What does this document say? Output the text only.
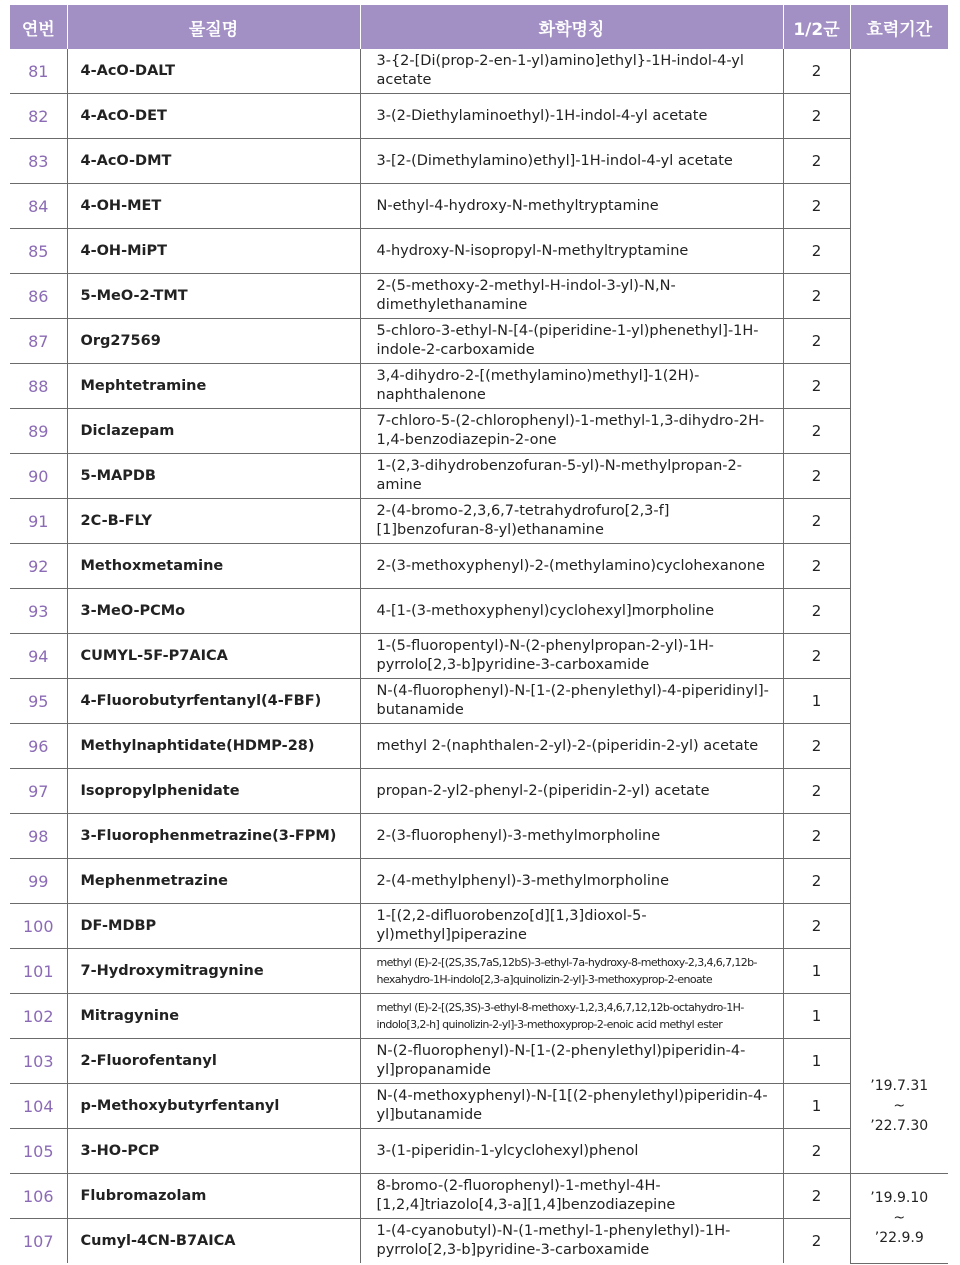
연번	물질명	화학명칭	1/2군	효력기간
81	4-AcO-DALT	3-{2-[Di(prop-2-en-1-yl)amino]ethyl}-1H-indol-4-yl acetate	2	
82	4-AcO-DET	3-(2-Diethylaminoethyl)-1H-indol-4-yl acetate	2	
83	4-AcO-DMT	3-[2-(Dimethylamino)ethyl]-1H-indol-4-yl acetate	2	
84	4-OH-MET	N-ethyl-4-hydroxy-N-methyltryptamine	2	
85	4-OH-MiPT	4-hydroxy-N-isopropyl-N-methyltryptamine	2	
86	5-MeO-2-TMT	2-(5-methoxy-2-methyl-H-indol-3-yl)-N,N-dimethylethanamine	2	
87	Org27569	5-chloro-3-ethyl-N-[4-(piperidine-1-yl)phenethyl]-1H-indole-2-carboxamide	2	
88	Mephtetramine	3,4-dihydro-2-[(methylamino)methyl]-1(2H)-naphthalenone	2	
89	Diclazepam	7-chloro-5-(2-chlorophenyl)-1-methyl-1,3-dihydro-2H-1,4-benzodiazepin-2-one	2	
90	5-MAPDB	1-(2,3-dihydrobenzofuran-5-yl)-N-methylpropan-2-amine	2	
91	2C-B-FLY	2-(4-bromo-2,3,6,7-tetrahydrofuro[2,3-f][1]benzofuran-8-yl)ethanamine	2	
92	Methoxmetamine	2-(3-methoxyphenyl)-2-(methylamino)cyclohexanone	2	
93	3-MeO-PCMo	4-[1-(3-methoxyphenyl)cyclohexyl]morpholine	2	
94	CUMYL-5F-P7AICA	1-(5-fluoropentyl)-N-(2-phenylpropan-2-yl)-1H-pyrrolo[2,3-b]pyridine-3-carboxamide	2	
95	4-Fluorobutyrfentanyl(4-FBF)	N-(4-fluorophenyl)-N-[1-(2-phenylethyl)-4-piperidinyl]-butanamide	1	
96	Methylnaphtidate(HDMP-28)	methyl 2-(naphthalen-2-yl)-2-(piperidin-2-yl) acetate	2	
97	Isopropylphenidate	propan-2-yl2-phenyl-2-(piperidin-2-yl) acetate	2	
98	3-Fluorophenmetrazine(3-FPM)	2-(3-fluorophenyl)-3-methylmorpholine	2	
99	Mephenmetrazine	2-(4-methylphenyl)-3-methylmorpholine	2	
100	DF-MDBP	1-[(2,2-difluorobenzo[d][1,3]dioxol-5-yl)methyl]piperazine	2	
101	7-Hydroxymitragynine	methyl (E)-2-[(2S,3S,7aS,12bS)-3-ethyl-7a-hydroxy-8-methoxy-2,3,4,6,7,12b-hexahydro-1H-indolo[2,3-a]quinolizin-2-yl]-3-methoxyprop-2-enoate	1	
102	Mitragynine	methyl (E)-2-[(2S,3S)-3-ethyl-8-methoxy-1,2,3,4,6,7,12,12b-octahydro-1H-indolo[3,2-h] quinolizin-2-yl]-3-methoxyprop-2-enoic acid methyl ester	1	
103	2-Fluorofentanyl	N-(2-fluorophenyl)-N-[1-(2-phenylethyl)piperidin-4-yl]propanamide	1	’19.7.31
~
’22.7.30

104	p-Methoxybutyrfentanyl	N-(4-methoxyphenyl)-N-[1[(2-phenylethyl)piperidin-4-yl]butanamide	1	
105	3-HO-PCP	3-(1-piperidin-1-ylcyclohexyl)phenol	2	
106	Flubromazolam	8-bromo-(2-fluorophenyl)-1-methyl-4H-[1,2,4]triazolo[4,3-a][1,4]benzodiazepine	2	’19.9.10
~
’22.9.9

107	Cumyl-4CN-B7AICA	1-(4-cyanobutyl)-N-(1-methyl-1-phenylethyl)-1H-pyrrolo[2,3-b]pyridine-3-carboxamide	2	
